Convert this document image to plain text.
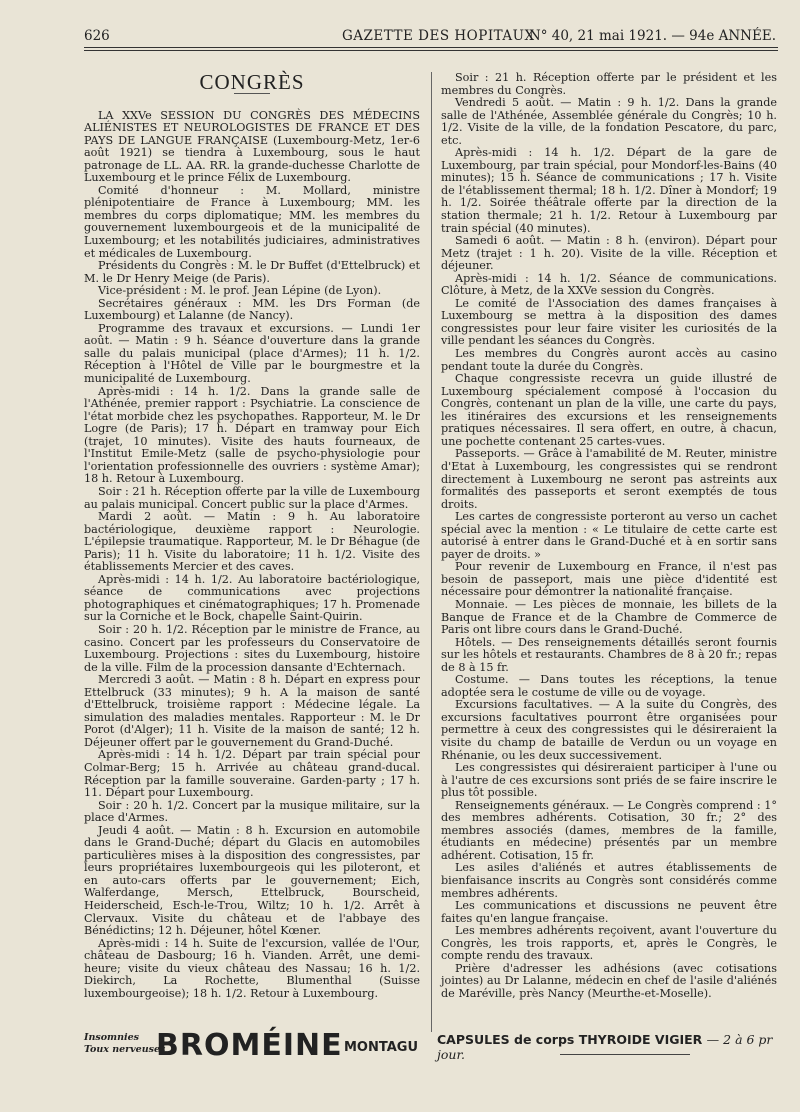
626	GAZETTE DES HOPITAUX
N° 40, 21 mai 1921. — 94e ANNÉE.
CONGRÈS

LA XXVe SESSION DU CONGRÈS DES MÉDECINS ALIÉNISTES ET NEUROLOGISTES DE FRANCE ET DES PAYS DE LANGUE FRANÇAISE (Luxembourg-Metz, 1er-6 août 1921) se tiendra à Luxembourg, sous le haut patronage de LL. AA. RR. la grande-duchesse Charlotte de Luxembourg et le prince Félix de Luxembourg.

Comité d'honneur : M. Mollard, ministre plénipotentiaire de France à Luxembourg; MM. les membres du corps diplomatique; MM. les membres du gouvernement luxembourgeois et de la municipalité de Luxembourg; et les notabilités judiciaires, administratives et médicales de Luxembourg.

Présidents du Congrès : M. le Dr Buffet (d'Ettelbruck) et M. le Dr Henry Meige (de Paris).

Vice-président : M. le prof. Jean Lépine (de Lyon).

Secrétaires généraux : MM. les Drs Forman (de Luxembourg) et Lalanne (de Nancy).

Programme des travaux et excursions. — Lundi 1er août. — Matin : 9 h. Séance d'ouverture dans la grande salle du palais municipal (place d'Armes); 11 h. 1/2. Réception à l'Hôtel de Ville par le bourgmestre et la municipalité de Luxembourg.

Après-midi : 14 h. 1/2. Dans la grande salle de l'Athénée, premier rapport : Psychiatrie. La conscience de l'état morbide chez les psychopathes. Rapporteur, M. le Dr Logre (de Paris); 17 h. Départ en tramway pour Eich (trajet, 10 minutes). Visite des hauts fourneaux, de l'Institut Emile-Metz (salle de psycho-physiologie pour l'orientation professionnelle des ouvriers : système Amar); 18 h. Retour à Luxembourg.

Soir : 21 h. Réception offerte par la ville de Luxembourg au palais municipal. Concert public sur la place d'Armes.

Mardi 2 août. — Matin : 9 h. Au laboratoire bactériologique, deuxième rapport : Neurologie. L'épilepsie traumatique. Rapporteur, M. le Dr Béhague (de Paris); 11 h. Visite du laboratoire; 11 h. 1/2. Visite des établissements Mercier et des caves.

Après-midi : 14 h. 1/2. Au laboratoire bactériologique, séance de communications avec projections photographiques et cinématographiques; 17 h. Promenade sur la Corniche et le Bock, chapelle Saint-Quirin.

Soir : 20 h. 1/2. Réception par le ministre de France, au casino. Concert par les professeurs du Conservatoire de Luxembourg. Projections : sites du Luxembourg, histoire de la ville. Film de la procession dansante d'Echternach.

Mercredi 3 août. — Matin : 8 h. Départ en express pour Ettelbruck (33 minutes); 9 h. A la maison de santé d'Ettelbruck, troisième rapport : Médecine légale. La simulation des maladies mentales. Rapporteur : M. le Dr Porot (d'Alger); 11 h. Visite de la maison de santé; 12 h. Déjeuner offert par le gouvernement du Grand-Duché.

Après-midi : 14 h. 1/2. Départ par train spécial pour Colmar-Berg; 15 h. Arrivée au château grand-ducal. Réception par la famille souveraine. Garden-party ; 17 h. 11. Départ pour Luxembourg.

Soir : 20 h. 1/2. Concert par la musique militaire, sur la place d'Armes.

Jeudi 4 août. — Matin : 8 h. Excursion en automobile dans le Grand-Duché; départ du Glacis en automobiles particulières mises à la disposition des congressistes, par leurs propriétaires luxembourgeois qui les piloteront, et en auto-cars offerts par le gouvernement; Eich, Walferdange, Mersch, Ettelbruck, Bourscheid, Heiderscheid, Esch-le-Trou, Wiltz; 10 h. 1/2. Arrêt à Clervaux. Visite du château et de l'abbaye des Bénédictins; 12 h. Déjeuner, hôtel Kœner.

Après-midi : 14 h. Suite de l'excursion, vallée de l'Our, château de Dasbourg; 16 h. Vianden. Arrêt, une demi-heure; visite du vieux château des Nassau; 16 h. 1/2. Diekirch, La Rochette, Blumenthal (Suisse luxembourgeoise); 18 h. 1/2. Retour à Luxembourg.

Soir : 21 h. Réception offerte par le président et les membres du Congrès.

Vendredi 5 août. — Matin : 9 h. 1/2. Dans la grande salle de l'Athénée, Assemblée générale du Congrès; 10 h. 1/2. Visite de la ville, de la fondation Pescatore, du parc, etc.

Après-midi : 14 h. 1/2. Départ de la gare de Luxembourg, par train spécial, pour Mondorf-les-Bains (40 minutes); 15 h. Séance de communications ; 17 h. Visite de l'établissement thermal; 18 h. 1/2. Dîner à Mondorf; 19 h. 1/2. Soirée théâtrale offerte par la direction de la station thermale; 21 h. 1/2. Retour à Luxembourg par train spécial (40 minutes).

Samedi 6 août. — Matin : 8 h. (environ). Départ pour Metz (trajet : 1 h. 20). Visite de la ville. Réception et déjeuner.

Après-midi : 14 h. 1/2. Séance de communications. Clôture, à Metz, de la XXVe session du Congrès.

Le comité de l'Association des dames françaises à Luxembourg se mettra à la disposition des dames congressistes pour leur faire visiter les curiosités de la ville pendant les séances du Congrès.

Les membres du Congrès auront accès au casino pendant toute la durée du Congrès.

Chaque congressiste recevra un guide illustré de Luxembourg spécialement composé à l'occasion du Congrès, contenant un plan de la ville, une carte du pays, les itinéraires des excursions et les renseignements pratiques nécessaires. Il sera offert, en outre, à chacun, une pochette contenant 25 cartes-vues.

Passeports. — Grâce à l'amabilité de M. Reuter, ministre d'Etat à Luxembourg, les congressistes qui se rendront directement à Luxembourg ne seront pas astreints aux formalités des passeports et seront exemptés de tous droits.

Les cartes de congressiste porteront au verso un cachet spécial avec la mention : « Le titulaire de cette carte est autorisé à entrer dans le Grand-Duché et à en sortir sans payer de droits. »

Pour revenir de Luxembourg en France, il n'est pas besoin de passeport, mais une pièce d'identité est nécessaire pour démontrer la nationalité française.

Monnaie. — Les pièces de monnaie, les billets de la Banque de France et de la Chambre de Commerce de Paris ont libre cours dans le Grand-Duché.

Hôtels. — Des renseignements détaillés seront fournis sur les hôtels et restaurants. Chambres de 8 à 20 fr.; repas de 8 à 15 fr.

Costume. — Dans toutes les réceptions, la tenue adoptée sera le costume de ville ou de voyage.

Excursions facultatives. — A la suite du Congrès, des excursions facultatives pourront être organisées pour permettre à ceux des congressistes qui le désireraient la visite du champ de bataille de Verdun ou un voyage en Rhénanie, ou les deux successivement.

Les congressistes qui désireraient participer à l'une ou à l'autre de ces excursions sont priés de se faire inscrire le plus tôt possible.

Renseignements généraux. — Le Congrès comprend : 1° des membres adhérents. Cotisation, 30 fr.; 2° des membres associés (dames, membres de la famille, étudiants en médecine) présentés par un membre adhérent. Cotisation, 15 fr.

Les asiles d'aliénés et autres établissements de bienfaisance inscrits au Congrès sont considérés comme membres adhérents.

Les communications et discussions ne peuvent être faites qu'en langue française.

Les membres adhérents reçoivent, avant l'ouverture du Congrès, les trois rapports, et, après le Congrès, le compte rendu des travaux.

Prière d'adresser les adhésions (avec cotisations jointes) au Dr Lalanne, médecin en chef de l'asile d'aliénés de Maréville, près Nancy (Meurthe-et-Moselle).

Insomnies
Toux nerveuses
BROMÉINE MONTAGU
CAPSULES de corps THYROIDE VIGIER — 2 à 6 pr jour.
